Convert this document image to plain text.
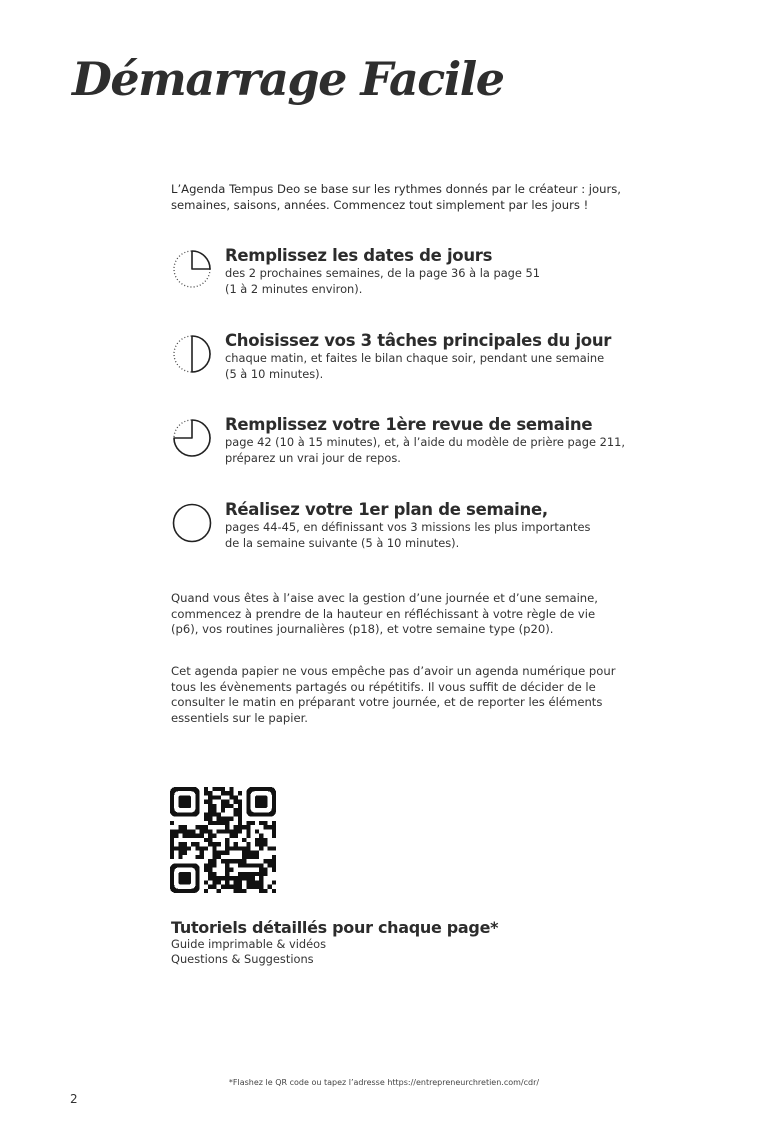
Démarrage Facile

L’Agenda Tempus Deo se base sur les rythmes donnés par le créateur : jours, semaines, saisons, années. Commencez tout simplement par les jours !

Remplissez les dates de jours

des 2 prochaines semaines, de la page 36 à la page 51

(1 à 2 minutes environ).

Choisissez vos 3 tâches principales du jour

chaque matin, et faites le bilan chaque soir, pendant une semaine

(5 à 10 minutes).

Remplissez votre 1ère revue de semaine

page 42 (10 à 15 minutes), et, à l’aide du modèle de prière page 211,

préparez un vrai jour de repos.

Réalisez votre 1er plan de semaine,

pages 44-45, en définissant vos 3 missions les plus importantes

de la semaine suivante (5 à 10 minutes).

Quand vous êtes à l’aise avec la gestion d’une journée et d’une semaine, commencez à prendre de la hauteur en réfléchissant à votre règle de vie (p6), vos routines journalières (p18), et votre semaine type (p20).

Cet agenda papier ne vous empêche pas d’avoir un agenda numérique pour tous les évènements partagés ou répétitifs. Il vous suffit de décider de le consulter le matin en préparant votre journée, et de reporter les éléments essentiels sur le papier.

Tutoriels détaillés pour chaque page*

Guide imprimable & vidéos

Questions & Suggestions

*Flashez le QR code ou tapez l’adresse https://entrepreneurchretien.com/cdr/

2
